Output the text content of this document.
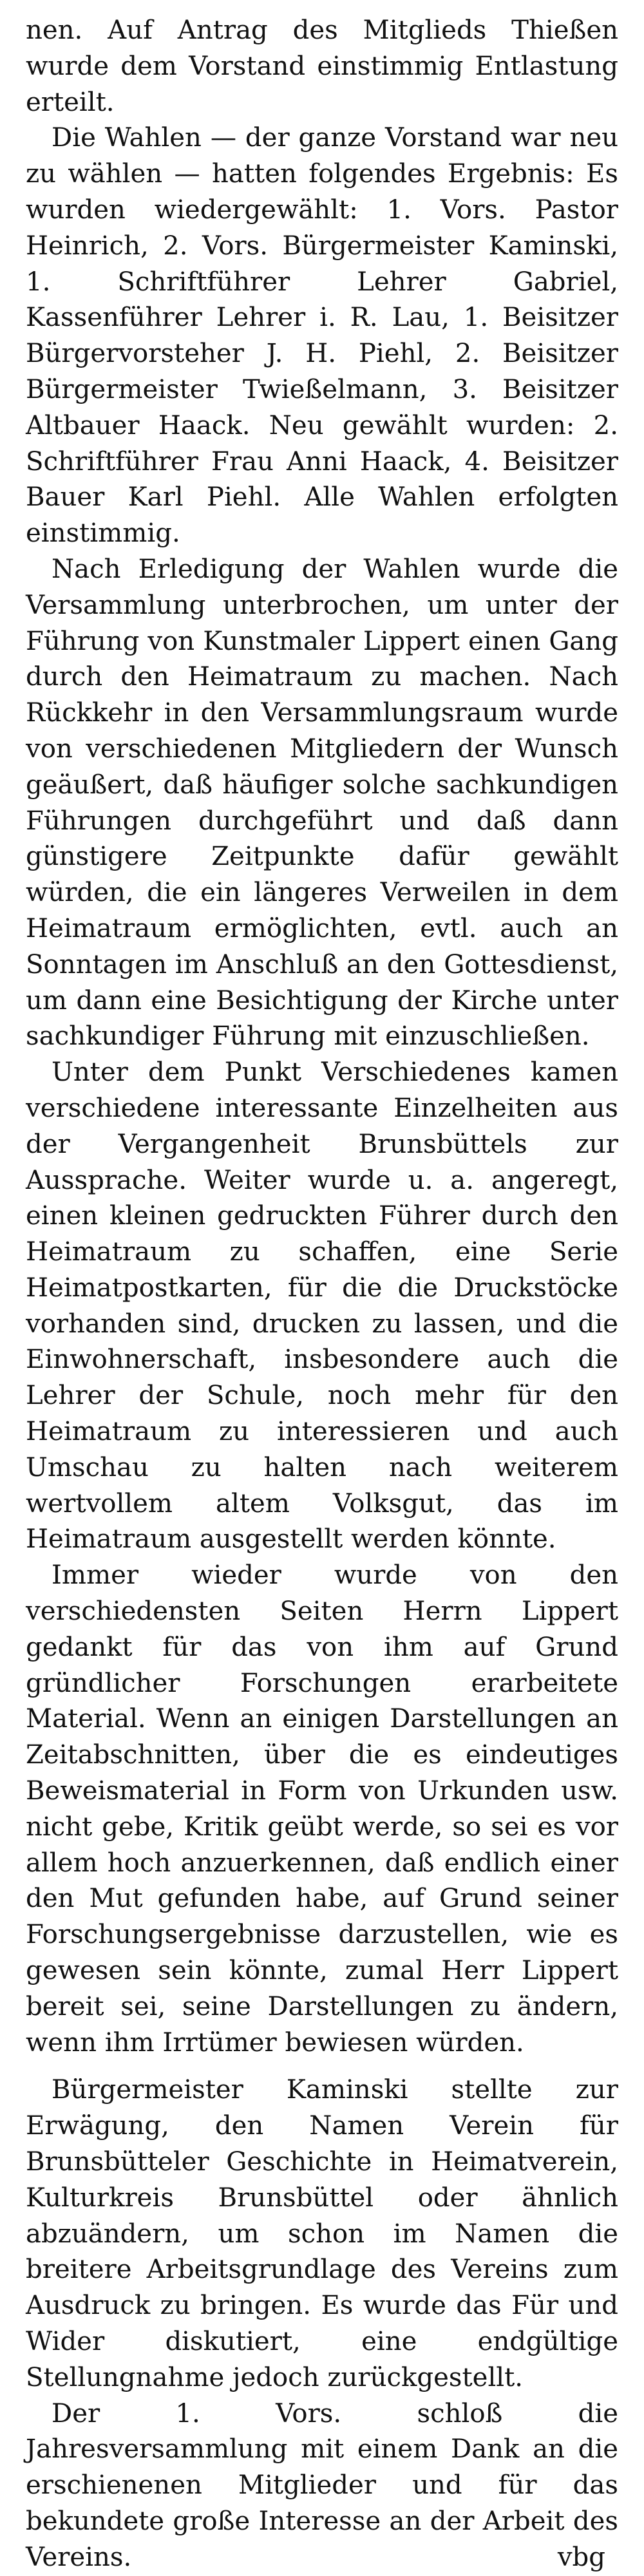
nen. Auf Antrag des Mitglieds Thießen wurde dem Vorstand einstimmig Entlastung erteilt.

Die Wahlen — der ganze Vorstand war neu zu wählen — hatten folgendes Ergebnis: Es wurden wiedergewählt: 1. Vors. Pastor Heinrich, 2. Vors. Bürgermeister Kaminski, 1. Schriftführer Lehrer Gabriel, Kassenführer Lehrer i. R. Lau, 1. Beisitzer Bürgervorsteher J. H. Piehl, 2. Beisitzer Bürgermeister Twießelmann, 3. Beisitzer Altbauer Haack. Neu gewählt wurden: 2. Schriftführer Frau Anni Haack, 4. Beisitzer Bauer Karl Piehl. Alle Wahlen erfolgten einstimmig.

Nach Erledigung der Wahlen wurde die Versammlung unterbrochen, um unter der Führung von Kunstmaler Lippert einen Gang durch den Heimatraum zu machen. Nach Rückkehr in den Versammlungsraum wurde von verschiedenen Mitgliedern der Wunsch geäußert, daß häufiger solche sachkundigen Führungen durchgeführt und daß dann günstigere Zeitpunkte dafür gewählt würden, die ein längeres Verweilen in dem Heimatraum ermöglichten, evtl. auch an Sonntagen im Anschluß an den Gottesdienst, um dann eine Besichtigung der Kirche unter sachkundiger Führung mit einzuschließen.

Unter dem Punkt Verschiedenes kamen verschiedene interessante Einzelheiten aus der Vergangenheit Brunsbüttels zur Aussprache. Weiter wurde u. a. angeregt, einen kleinen gedruckten Führer durch den Heimatraum zu schaffen, eine Serie Heimatpostkarten, für die die Druckstöcke vorhanden sind, drucken zu lassen, und die Einwohnerschaft, insbesondere auch die Lehrer der Schule, noch mehr für den Heimatraum zu interessieren und auch Umschau zu halten nach weiterem wertvollem altem Volksgut, das im Heimatraum ausgestellt werden könnte.

Immer wieder wurde von den verschiedensten Seiten Herrn Lippert gedankt für das von ihm auf Grund gründlicher Forschungen erarbeitete Material. Wenn an einigen Darstellungen an Zeitabschnitten, über die es eindeutiges Beweismaterial in Form von Urkunden usw. nicht gebe, Kritik geübt werde, so sei es vor allem hoch anzuerkennen, daß endlich einer den Mut gefunden habe, auf Grund seiner Forschungsergebnisse darzustellen, wie es gewesen sein könnte, zumal Herr Lippert bereit sei, seine Darstellungen zu ändern, wenn ihm Irrtümer bewiesen würden.

Bürgermeister Kaminski stellte zur Erwägung, den Namen Verein für Brunsbütteler Geschichte in Heimatverein, Kulturkreis Brunsbüttel oder ähnlich abzuändern, um schon im Namen die breitere Arbeitsgrundlage des Vereins zum Ausdruck zu bringen. Es wurde das Für und Wider diskutiert, eine endgültige Stellungnahme jedoch zurückgestellt.

Der 1. Vors. schloß die Jahresversammlung mit einem Dank an die erschienenen Mitglieder und für das bekundete große Interesse an der Arbeit des Vereins.	vbg
